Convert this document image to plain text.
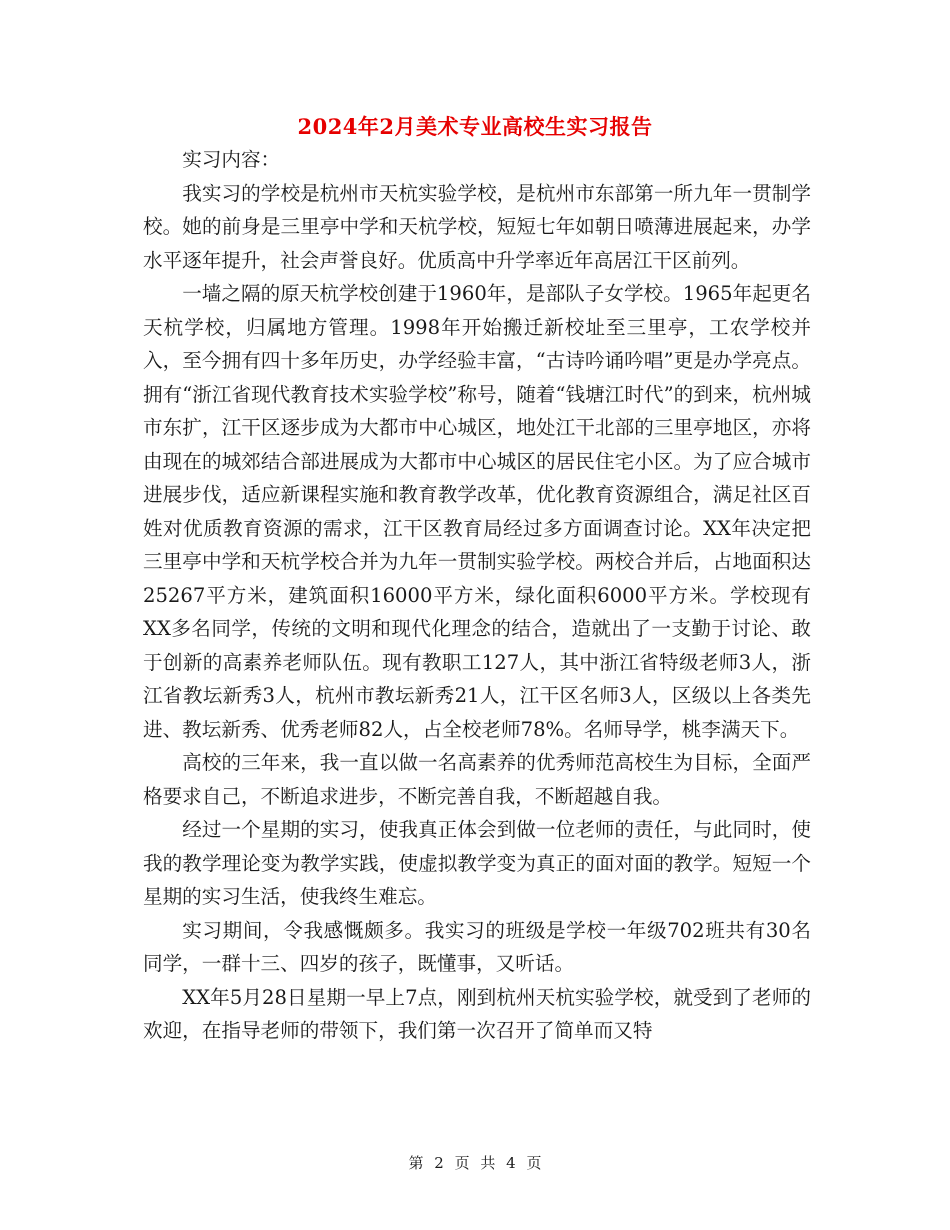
2024年2月美术专业高校生实习报告

实习内容：

我实习的学校是杭州市天杭实验学校，是杭州市东部第一所九年一贯制学校。她的前身是三里亭中学和天杭学校，短短七年如朝日喷薄进展起来，办学水平逐年提升，社会声誉良好。优质高中升学率近年高居江干区前列。

一墙之隔的原天杭学校创建于1960年，是部队子女学校。1965年起更名天杭学校，归属地方管理。1998年开始搬迁新校址至三里亭，工农学校并入，至今拥有四十多年历史，办学经验丰富，“古诗吟诵吟唱”更是办学亮点。拥有“浙江省现代教育技术实验学校”称号，随着“钱塘江时代”的到来，杭州城市东扩，江干区逐步成为大都市中心城区，地处江干北部的三里亭地区，亦将由现在的城郊结合部进展成为大都市中心城区的居民住宅小区。为了应合城市进展步伐，适应新课程实施和教育教学改革，优化教育资源组合，满足社区百姓对优质教育资源的需求，江干区教育局经过多方面调查讨论。XX年决定把三里亭中学和天杭学校合并为九年一贯制实验学校。两校合并后，占地面积达25267平方米，建筑面积16000平方米，绿化面积6000平方米。学校现有XX多名同学，传统的文明和现代化理念的结合，造就出了一支勤于讨论、敢于创新的高素养老师队伍。现有教职工127人，其中浙江省特级老师3人，浙江省教坛新秀3人，杭州市教坛新秀21人，江干区名师3人，区级以上各类先进、教坛新秀、优秀老师82人，占全校老师78%。名师导学，桃李满天下。

高校的三年来，我一直以做一名高素养的优秀师范高校生为目标，全面严格要求自己，不断追求进步，不断完善自我，不断超越自我。

经过一个星期的实习，使我真正体会到做一位老师的责任，与此同时，使我的教学理论变为教学实践，使虚拟教学变为真正的面对面的教学。短短一个星期的实习生活，使我终生难忘。

实习期间，令我感慨颇多。我实习的班级是学校一年级702班共有30名同学，一群十三、四岁的孩子，既懂事，又听话。

XX年5月28日星期一早上7点，刚到杭州天杭实验学校，就受到了老师的欢迎，在指导老师的带领下，我们第一次召开了简单而又特

第 2 页 共 4 页
